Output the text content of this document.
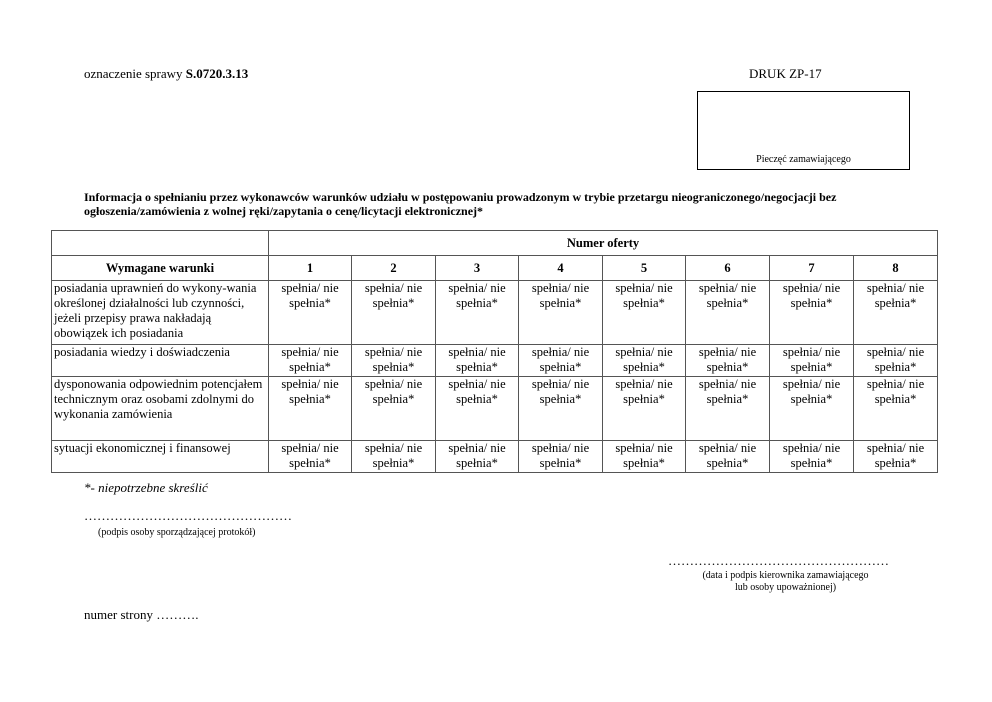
oznaczenie sprawy S.0720.3.13	DRUK ZP-17
Pieczęć zamawiającego
Informacja o spełnianiu przez wykonawców warunków udziału w postępowaniu prowadzonym w trybie przetargu nieograniczonego/negocjacji bez ogłoszenia/zamówienia z wolnej ręki/zapytania o cenę/licytacji elektronicznej*
	Numer oferty							
Wymagane warunki	1	2	3	4	5	6	7	8
posiadania uprawnień do wykony-wania określonej działalności lub czynności, jeżeli przepisy prawa nakładają obowiązek ich posiadania	spełnia/ nie spełnia*	spełnia/ nie spełnia*	spełnia/ nie spełnia*	spełnia/ nie spełnia*	spełnia/ nie spełnia*	spełnia/ nie spełnia*	spełnia/ nie spełnia*	spełnia/ nie spełnia*
posiadania wiedzy i doświadczenia	spełnia/ nie spełnia*	spełnia/ nie spełnia*	spełnia/ nie spełnia*	spełnia/ nie spełnia*	spełnia/ nie spełnia*	spełnia/ nie spełnia*	spełnia/ nie spełnia*	spełnia/ nie spełnia*
dysponowania odpowiednim potencjałem technicznym oraz osobami zdolnymi do wykonania zamówienia	spełnia/ nie spełnia*	spełnia/ nie spełnia*	spełnia/ nie spełnia*	spełnia/ nie spełnia*	spełnia/ nie spełnia*	spełnia/ nie spełnia*	spełnia/ nie spełnia*	spełnia/ nie spełnia*
sytuacji ekonomicznej i finansowej	spełnia/ nie spełnia*	spełnia/ nie spełnia*	spełnia/ nie spełnia*	spełnia/ nie spełnia*	spełnia/ nie spełnia*	spełnia/ nie spełnia*	spełnia/ nie spełnia*	spełnia/ nie spełnia*
*- niepotrzebne skreślić
…………………………………………
(podpis osoby sporządzającej protokół)
……………………………………………
(data i podpis kierownika zamawiającego
lub osoby upoważnionej)
numer strony ……….
